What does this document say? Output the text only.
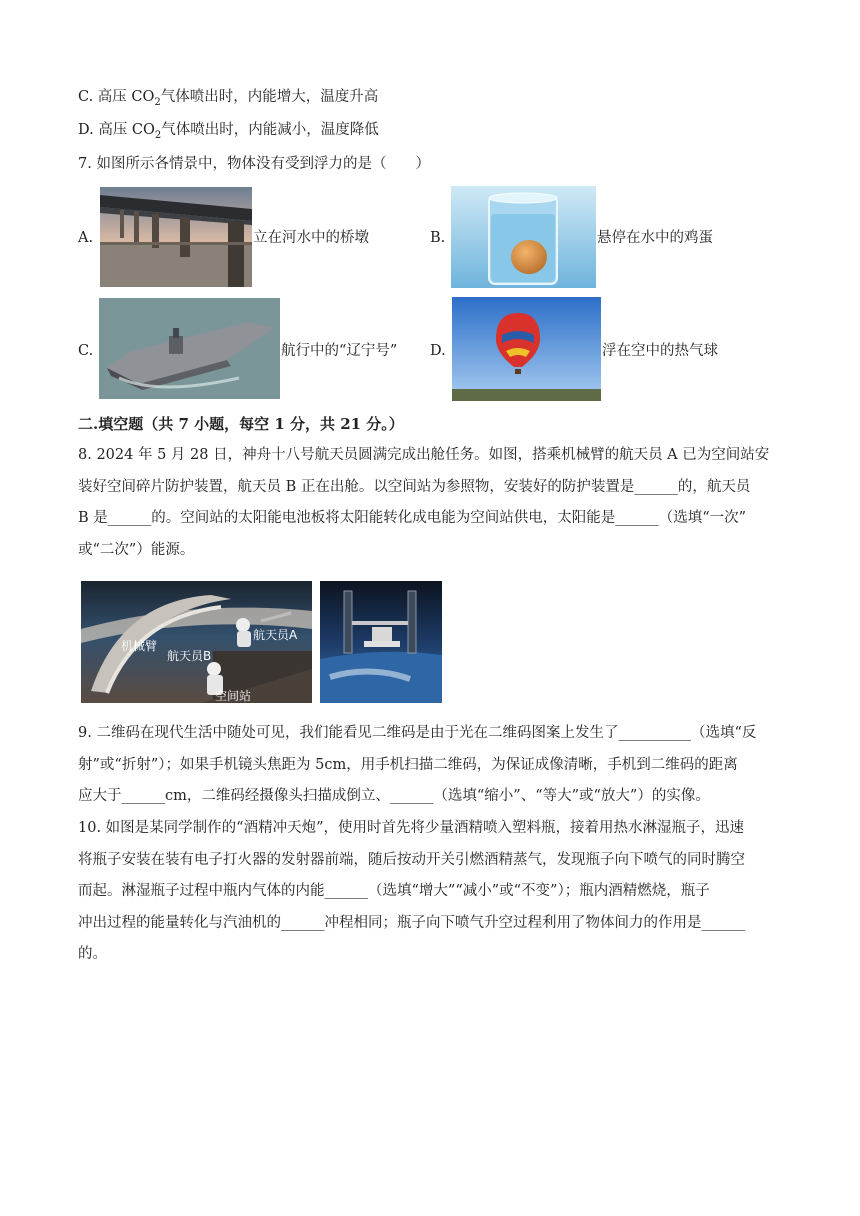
C. 高压 $CO_2$气体喷出时，内能增大，温度升高
D. 高压 $CO_2$气体喷出时，内能减小，温度降低
7. 如图所示各情景中，物体没有受到浮力的是（　　）
A.	立在河水中的桥墩	B.	悬停在水中的鸡蛋
C.	航行中的“辽宁号” D.	浮在空中的热气球
二.填空题（共 7 小题，每空 1 分，共 21 分。）
8. 2024 年 5 月 28 日，神舟十八号航天员圆满完成出舱任务。如图，搭乘机械臂的航天员 A 已为空间站安
装好空间碎片防护装置，航天员 B 正在出舱。以空间站为参照物，安装好的防护装置是______的，航天员
B 是______的。空间站的太阳能电池板将太阳能转化成电能为空间站供电，太阳能是______（选填“一次”
或“二次”）能源。
机械臂
航天员A
航天员B
空间站
9. 二维码在现代生活中随处可见，我们能看见二维码是由于光在二维码图案上发生了__________（选填“反
射”或“折射”）；如果手机镜头焦距为 5cm，用手机扫描二维码，为保证成像清晰，手机到二维码的距离
应大于______cm，二维码经摄像头扫描成倒立、______（选填“缩小”、“等大”或“放大”）的实像。
10. 如图是某同学制作的“酒精冲天炮”，使用时首先将少量酒精喷入塑料瓶，接着用热水淋湿瓶子，迅速
将瓶子安装在装有电子打火器的发射器前端，随后按动开关引燃酒精蒸气，发现瓶子向下喷气的同时腾空
而起。淋湿瓶子过程中瓶内气体的内能______（选填“增大”“减小”或“不变”）；瓶内酒精燃烧，瓶子
冲出过程的能量转化与汽油机的______冲程相同；瓶子向下喷气升空过程利用了物体间力的作用是______
的。
